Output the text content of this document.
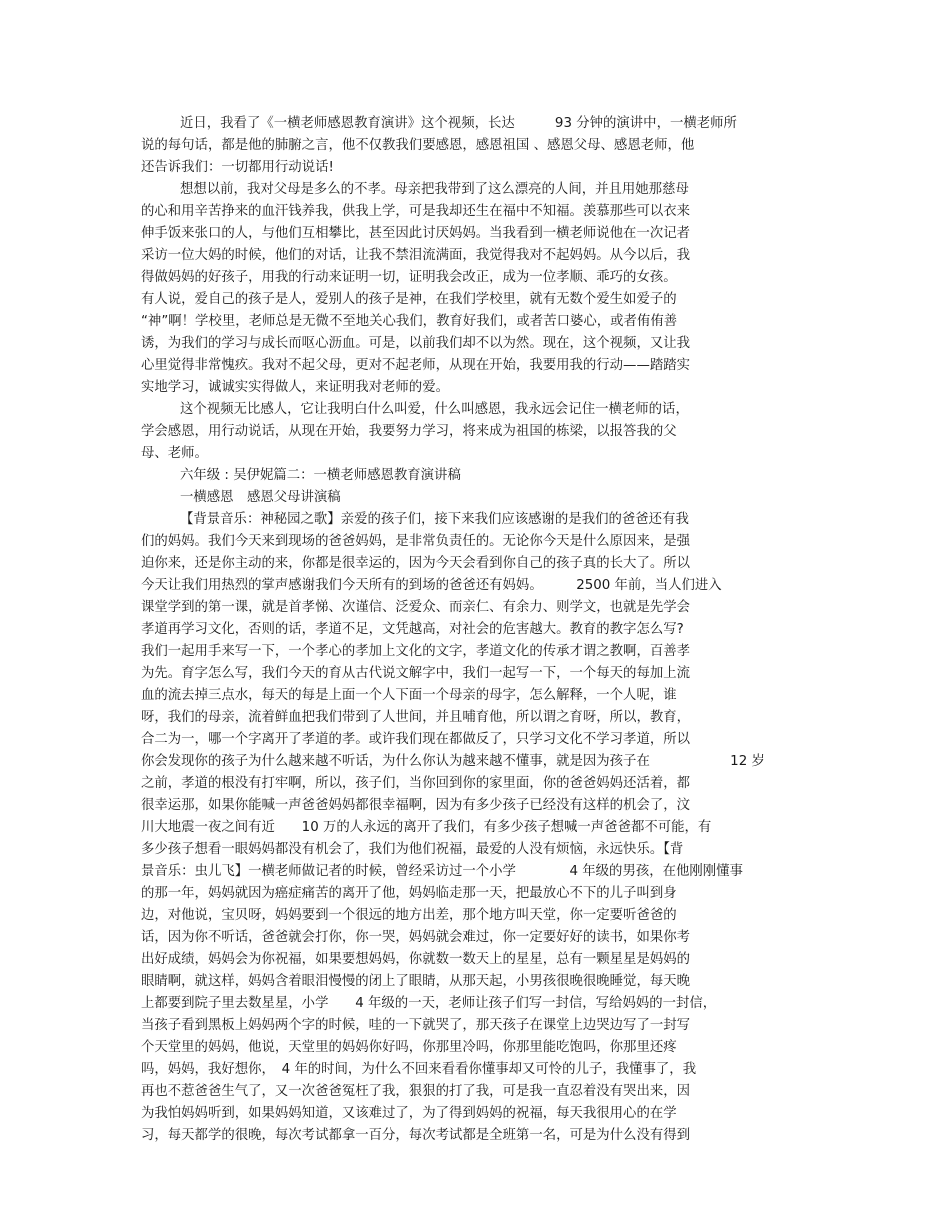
近日，我看了《一横老师感恩教育演讲》这个视频，长达　　　93 分钟的演讲中，一横老师所
说的每句话，都是他的肺腑之言，他不仅教我们要感恩，感恩祖国 、感恩父母、感恩老师，他
还告诉我们：一切都用行动说话!
想想以前，我对父母是多么的不孝。母亲把我带到了这么漂亮的人间，并且用她那慈母
的心和用辛苦挣来的血汗钱养我，供我上学，可是我却还生在福中不知福。羡慕那些可以衣来
伸手饭来张口的人，与他们互相攀比，甚至因此讨厌妈妈。当我看到一横老师说他在一次记者
采访一位大妈的时候，他们的对话，让我不禁泪流满面，我觉得我对不起妈妈。从今以后，我
得做妈妈的好孩子，用我的行动来证明一切，证明我会改正，成为一位孝顺、乖巧的女孩。
有人说，爱自己的孩子是人，爱别人的孩子是神，在我们学校里，就有无数个爱生如爱子的
“神”啊！学校里，老师总是无微不至地关心我们，教育好我们，或者苦口婆心，或者侑侑善
诱，为我们的学习与成长而呕心沥血。可是，以前我们却不以为然。现在，这个视频，又让我
心里觉得非常愧疚。我对不起父母，更对不起老师，从现在开始，我要用我的行动——踏踏实
实地学习，诚诚实实得做人，来证明我对老师的爱。
这个视频无比感人，它让我明白什么叫爱，什么叫感恩，我永远会记住一横老师的话，
学会感恩，用行动说话，从现在开始，我要努力学习，将来成为祖国的栋梁，以报答我的父
母、老师。
六年级 : 吴伊妮篇二：一横老师感恩教育演讲稿
一横感恩　感恩父母讲演稿
【背景音乐：神秘园之歌】亲爱的孩子们，接下来我们应该感谢的是我们的爸爸还有我
们的妈妈。我们今天来到现场的爸爸妈妈，是非常负责任的。无论你今天是什么原因来，是强
迫你来，还是你主动的来，你都是很幸运的，因为今天会看到你自己的孩子真的长大了。所以
今天让我们用热烈的掌声感谢我们今天所有的到场的爸爸还有妈妈。　　　2500 年前，当人们进入
课堂学到的第一课，就是首孝悌、次谨信、泛爱众、而亲仁、有余力、则学文，也就是先学会
孝道再学习文化，否则的话，孝道不足，文凭越高，对社会的危害越大。教育的教字怎么写?
我们一起用手来写一下，一个孝心的孝加上文化的文字，孝道文化的传承才谓之教啊，百善孝
为先。育字怎么写，我们今天的育从古代说文解字中，我们一起写一下，一个每天的每加上流
血的流去掉三点水，每天的每是上面一个人下面一个母亲的母字，怎么解释，一个人呢，谁
呀，我们的母亲，流着鲜血把我们带到了人世间，并且哺育他，所以谓之育呀，所以，教育，
合二为一，哪一个字离开了孝道的孝。或许我们现在都做反了，只学习文化不学习孝道，所以
你会发现你的孩子为什么越来越不听话，为什么你认为越来越不懂事，就是因为孩子在　　　　　　12 岁
之前，孝道的根没有打牢啊，所以，孩子们，当你回到你的家里面，你的爸爸妈妈还活着，都
很幸运那，如果你能喊一声爸爸妈妈都很幸福啊，因为有多少孩子已经没有这样的机会了，汶
川大地震一夜之间有近　　10 万的人永远的离开了我们，有多少孩子想喊一声爸爸都不可能，有
多少孩子想看一眼妈妈都没有机会了，我们为他们祝福，最爱的人没有烦恼，永远快乐。【背
景音乐：虫儿飞】一横老师做记者的时候，曾经采访过一个小学　　　　4 年级的男孩，在他刚刚懂事
的那一年，妈妈就因为癌症痛苦的离开了他，妈妈临走那一天，把最放心不下的儿子叫到身
边，对他说，宝贝呀，妈妈要到一个很远的地方出差，那个地方叫天堂，你一定要听爸爸的
话，因为你不听话，爸爸就会打你，你一哭，妈妈就会难过，你一定要好好的读书，如果你考
出好成绩，妈妈会为你祝福，如果要想妈妈，你就数一数天上的星星，总有一颗星星是妈妈的
眼睛啊，就这样，妈妈含着眼泪慢慢的闭上了眼睛，从那天起，小男孩很晚很晚睡觉，每天晚
上都要到院子里去数星星，小学　　4 年级的一天，老师让孩子们写一封信，写给妈妈的一封信，
当孩子看到黑板上妈妈两个字的时候，哇的一下就哭了，那天孩子在课堂上边哭边写了一封写
个天堂里的妈妈，他说，天堂里的妈妈你好吗，你那里冷吗，你那里能吃饱吗，你那里还疼
吗，妈妈，我好想你，　4 年的时间，为什么不回来看看你懂事却又可怜的儿子，我懂事了，我
再也不惹爸爸生气了，又一次爸爸冤枉了我，狠狠的打了我，可是我一直忍着没有哭出来，因
为我怕妈妈听到，如果妈妈知道，又该难过了，为了得到妈妈的祝福，每天我很用心的在学
习，每天都学的很晚，每次考试都拿一百分，每次考试都是全班第一名，可是为什么没有得到
